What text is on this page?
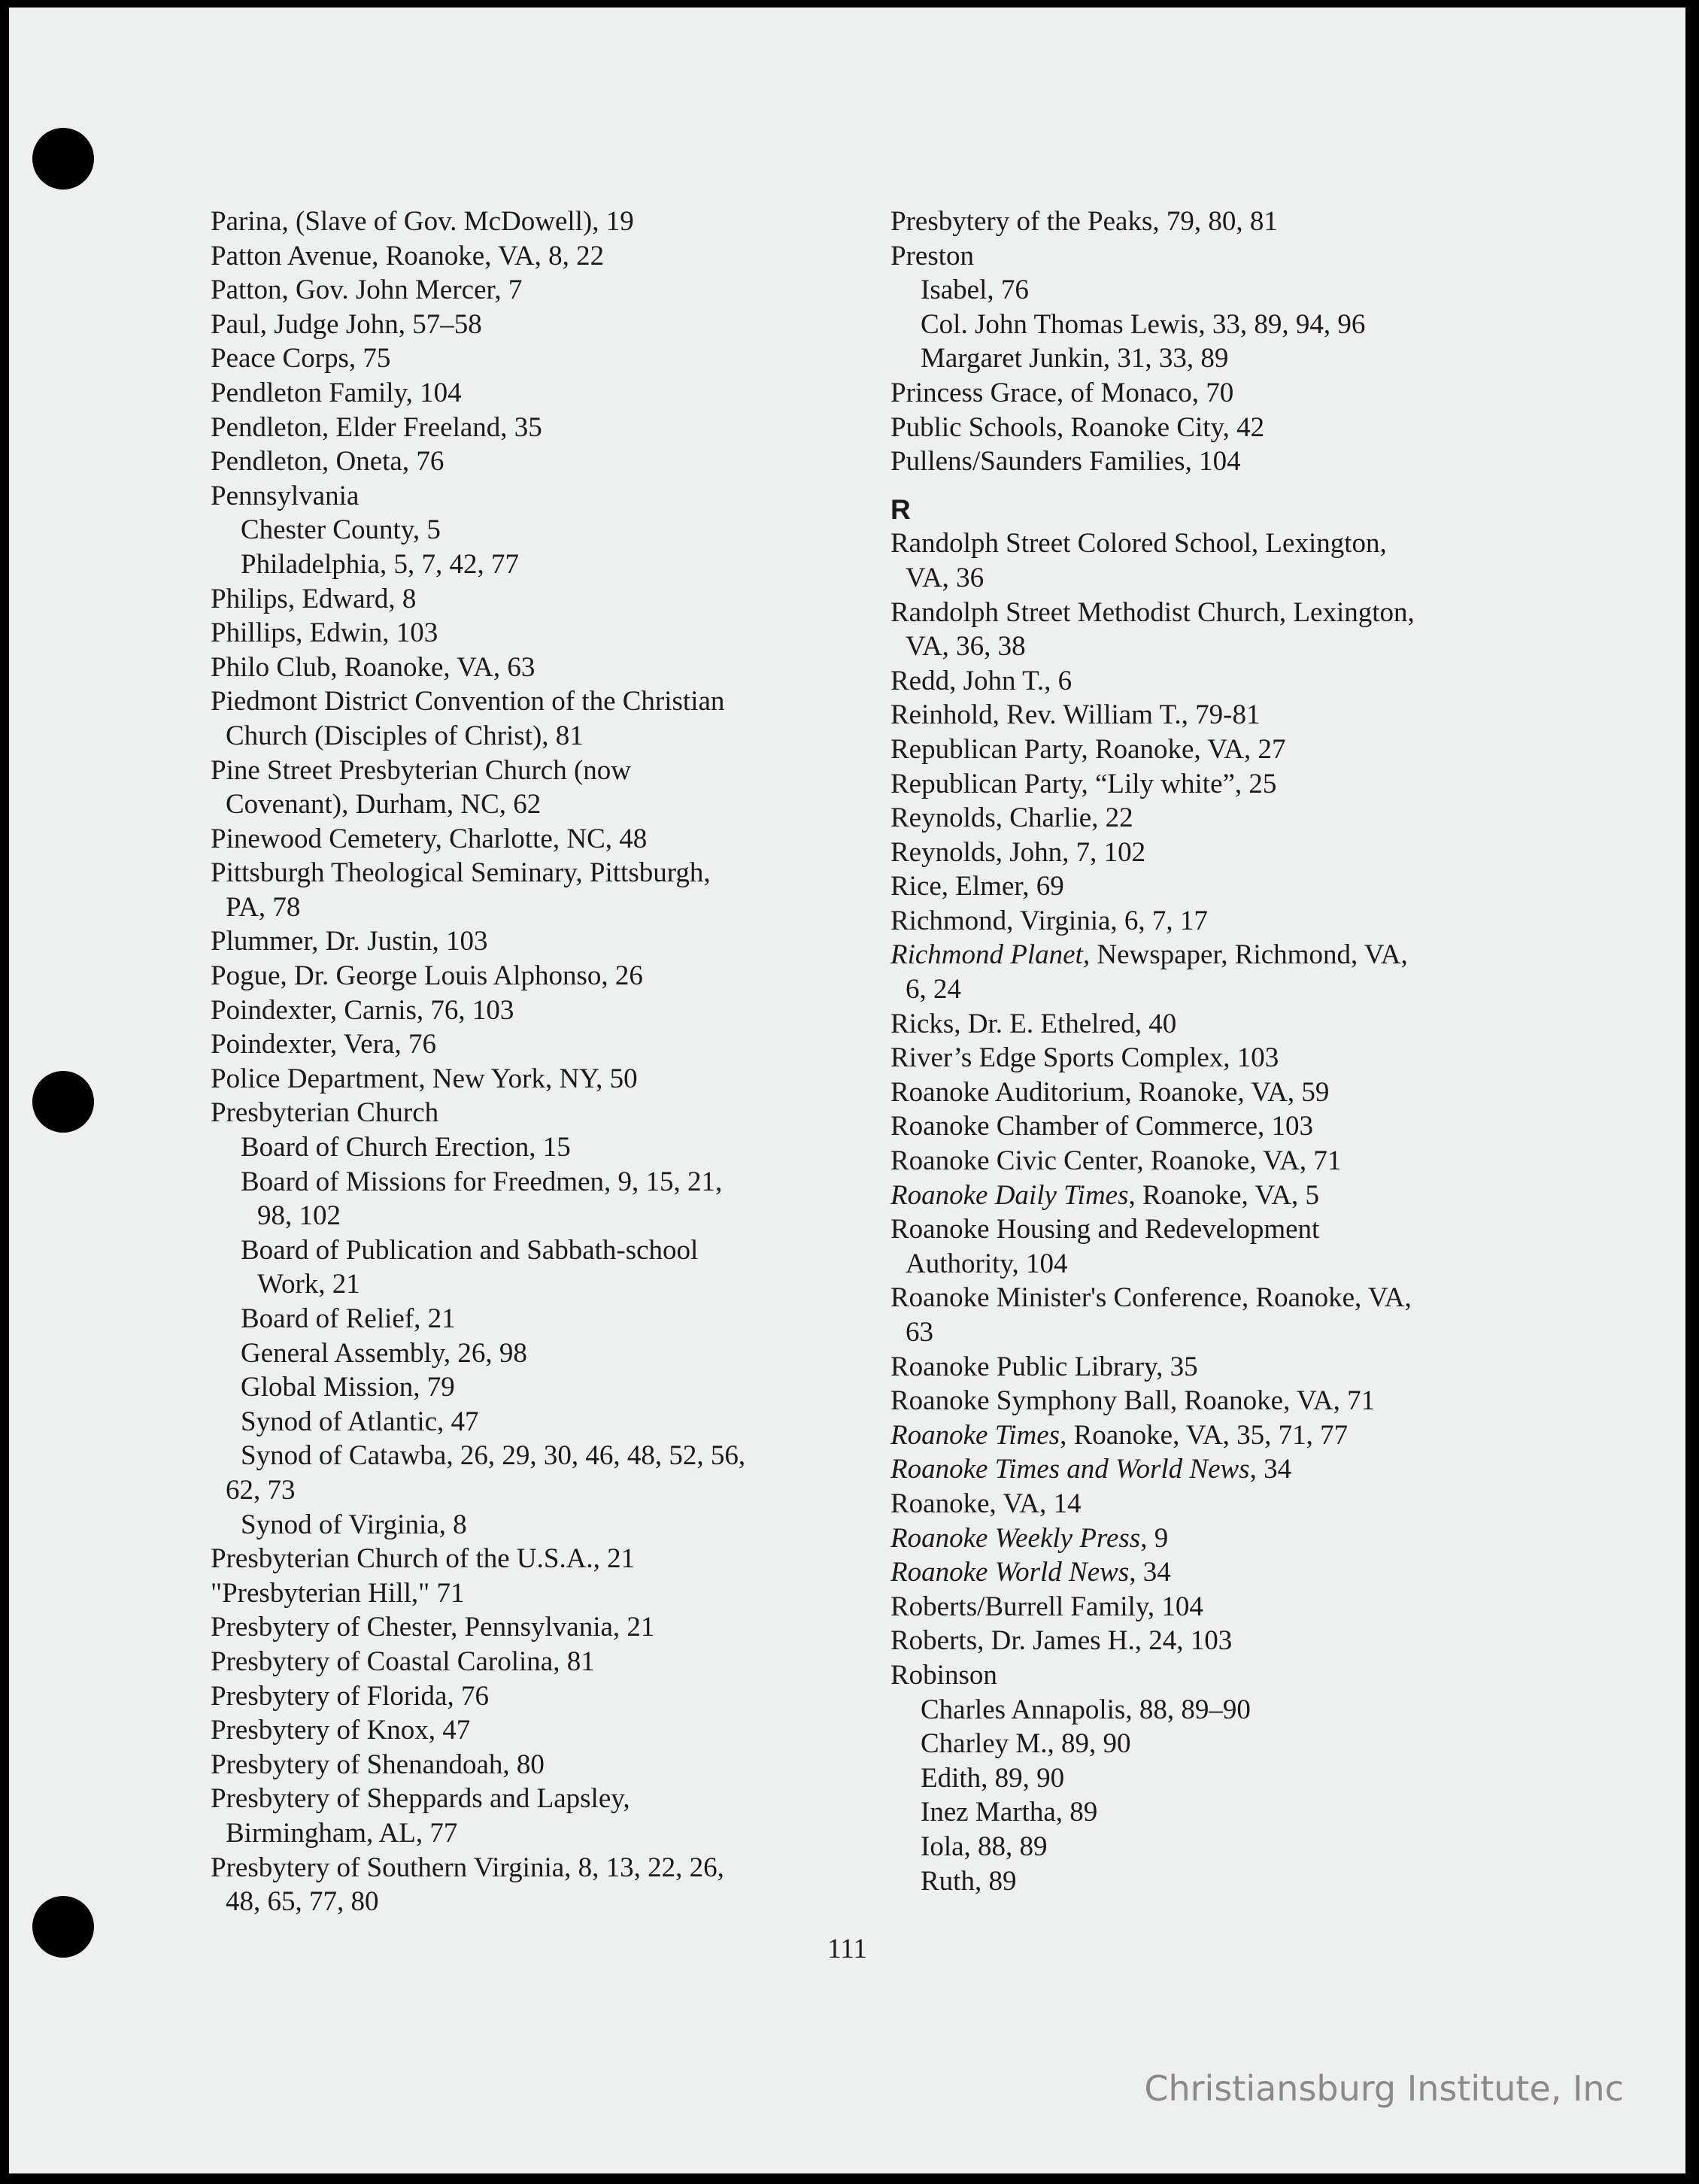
Parina, (Slave of Gov. McDowell), 19

Patton Avenue, Roanoke, VA, 8, 22

Patton, Gov. John Mercer, 7

Paul, Judge John, 57–58

Peace Corps, 75

Pendleton Family, 104

Pendleton, Elder Freeland, 35

Pendleton, Oneta, 76

Pennsylvania

Chester County, 5

Philadelphia, 5, 7, 42, 77

Philips, Edward, 8

Phillips, Edwin, 103

Philo Club, Roanoke, VA, 63

Piedmont District Convention of the Christian

Church (Disciples of Christ), 81

Pine Street Presbyterian Church (now

Covenant), Durham, NC, 62

Pinewood Cemetery, Charlotte, NC, 48

Pittsburgh Theological Seminary, Pittsburgh,

PA, 78

Plummer, Dr. Justin, 103

Pogue, Dr. George Louis Alphonso, 26

Poindexter, Carnis, 76, 103

Poindexter, Vera, 76

Police Department, New York, NY, 50

Presbyterian Church

Board of Church Erection, 15

Board of Missions for Freedmen, 9, 15, 21,

98, 102

Board of Publication and Sabbath-school

Work, 21

Board of Relief, 21

General Assembly, 26, 98

Global Mission, 79

Synod of Atlantic, 47

Synod of Catawba, 26, 29, 30, 46, 48, 52, 56,

62, 73

Synod of Virginia, 8

Presbyterian Church of the U.S.A., 21

"Presbyterian Hill," 71

Presbytery of Chester, Pennsylvania, 21

Presbytery of Coastal Carolina, 81

Presbytery of Florida, 76

Presbytery of Knox, 47

Presbytery of Shenandoah, 80

Presbytery of Sheppards and Lapsley,

Birmingham, AL, 77

Presbytery of Southern Virginia, 8, 13, 22, 26,

48, 65, 77, 80

Presbytery of the Peaks, 79, 80, 81

Preston

Isabel, 76

Col. John Thomas Lewis, 33, 89, 94, 96

Margaret Junkin, 31, 33, 89

Princess Grace, of Monaco, 70

Public Schools, Roanoke City, 42

Pullens/Saunders Families, 104

R

Randolph Street Colored School, Lexington,

VA, 36

Randolph Street Methodist Church, Lexington,

VA, 36, 38

Redd, John T., 6

Reinhold, Rev. William T., 79-81

Republican Party, Roanoke, VA, 27

Republican Party, “Lily white”, 25

Reynolds, Charlie, 22

Reynolds, John, 7, 102

Rice, Elmer, 69

Richmond, Virginia, 6, 7, 17

Richmond Planet, Newspaper, Richmond, VA,

6, 24

Ricks, Dr. E. Ethelred, 40

River’s Edge Sports Complex, 103

Roanoke Auditorium, Roanoke, VA, 59

Roanoke Chamber of Commerce, 103

Roanoke Civic Center, Roanoke, VA, 71

Roanoke Daily Times, Roanoke, VA, 5

Roanoke Housing and Redevelopment

Authority, 104

Roanoke Minister's Conference, Roanoke, VA,

63

Roanoke Public Library, 35

Roanoke Symphony Ball, Roanoke, VA, 71

Roanoke Times, Roanoke, VA, 35, 71, 77

Roanoke Times and World News, 34

Roanoke, VA, 14

Roanoke Weekly Press, 9

Roanoke World News, 34

Roberts/Burrell Family, 104

Roberts, Dr. James H., 24, 103

Robinson

Charles Annapolis, 88, 89–90

Charley M., 89, 90

Edith, 89, 90

Inez Martha, 89

Iola, 88, 89

Ruth, 89

111
Christiansburg Institute, Inc
